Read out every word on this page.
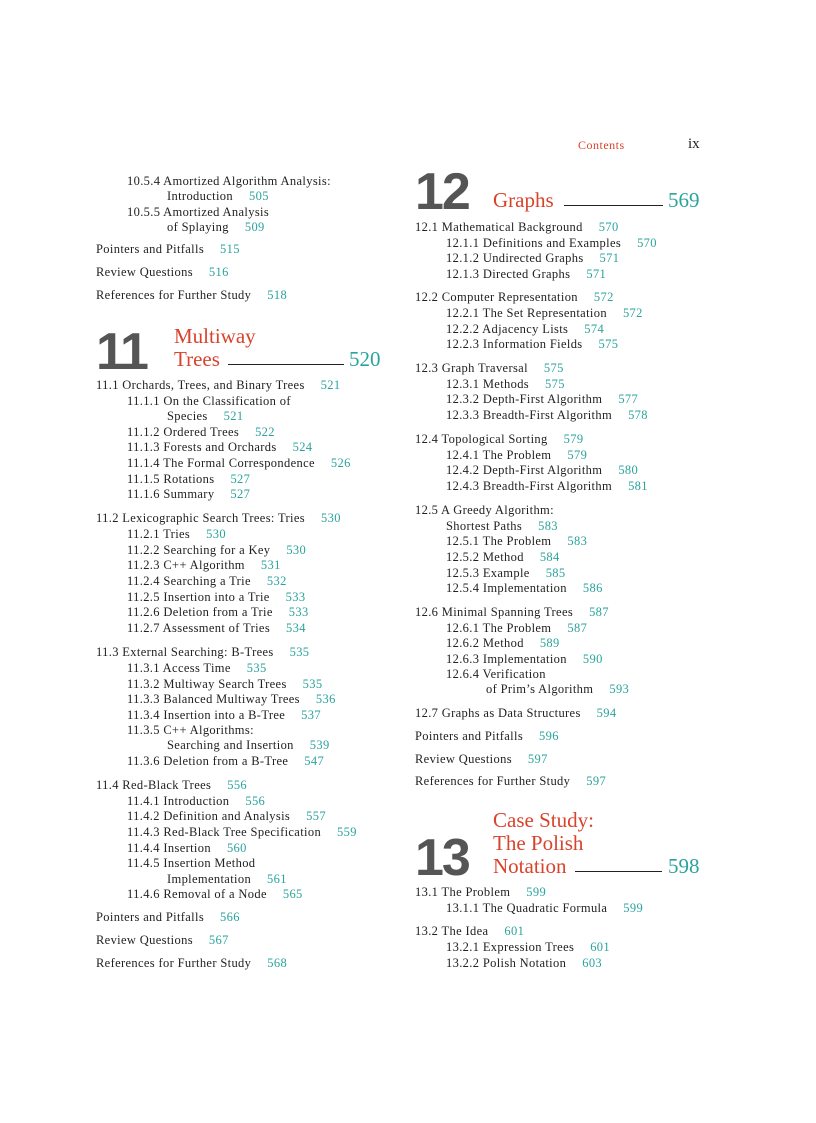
Contents	ix
11 Multiway
Trees	520
12 Graphs	569
13
Case Study:
The Polish
Notation	598
10.5.4 Amortized Algorithm Analysis:
Introduction 505
10.5.5 Amortized Analysis
of Splaying 509
Pointers and Pitfalls 515
Review Questions 516
References for Further Study 518
11.1 Orchards, Trees, and Binary Trees 521
11.1.1 On the Classification of
Species 521
11.1.2 Ordered Trees 522
11.1.3 Forests and Orchards 524
11.1.4 The Formal Correspondence 526
11.1.5 Rotations 527
11.1.6 Summary 527
11.2 Lexicographic Search Trees: Tries 530
11.2.1 Tries 530
11.2.2 Searching for a Key 530
11.2.3 C++ Algorithm 531
11.2.4 Searching a Trie 532
11.2.5 Insertion into a Trie 533
11.2.6 Deletion from a Trie 533
11.2.7 Assessment of Tries 534
11.3 External Searching: B-Trees 535
11.3.1 Access Time 535
11.3.2 Multiway Search Trees 535
11.3.3 Balanced Multiway Trees 536
11.3.4 Insertion into a B-Tree 537
11.3.5 C++ Algorithms:
Searching and Insertion 539
11.3.6 Deletion from a B-Tree 547
11.4 Red-Black Trees 556
11.4.1 Introduction 556
11.4.2 Definition and Analysis 557
11.4.3 Red-Black Tree Specification 559
11.4.4 Insertion 560
11.4.5 Insertion Method
Implementation 561
11.4.6 Removal of a Node 565
Pointers and Pitfalls 566
Review Questions 567
References for Further Study 568
12.1 Mathematical Background 570
12.1.1 Definitions and Examples 570
12.1.2 Undirected Graphs 571
12.1.3 Directed Graphs 571
12.2 Computer Representation 572
12.2.1 The Set Representation 572
12.2.2 Adjacency Lists 574
12.2.3 Information Fields 575
12.3 Graph Traversal 575
12.3.1 Methods 575
12.3.2 Depth-First Algorithm 577
12.3.3 Breadth-First Algorithm 578
12.4 Topological Sorting 579
12.4.1 The Problem 579
12.4.2 Depth-First Algorithm 580
12.4.3 Breadth-First Algorithm 581
12.5 A Greedy Algorithm:
Shortest Paths 583
12.5.1 The Problem 583
12.5.2 Method 584
12.5.3 Example 585
12.5.4 Implementation 586
12.6 Minimal Spanning Trees 587
12.6.1 The Problem 587
12.6.2 Method 589
12.6.3 Implementation 590
12.6.4 Verification
of Prim’s Algorithm 593
12.7 Graphs as Data Structures 594
Pointers and Pitfalls 596
Review Questions 597
References for Further Study 597
13.1 The Problem 599
13.1.1 The Quadratic Formula 599
13.2 The Idea 601
13.2.1 Expression Trees 601
13.2.2 Polish Notation 603
